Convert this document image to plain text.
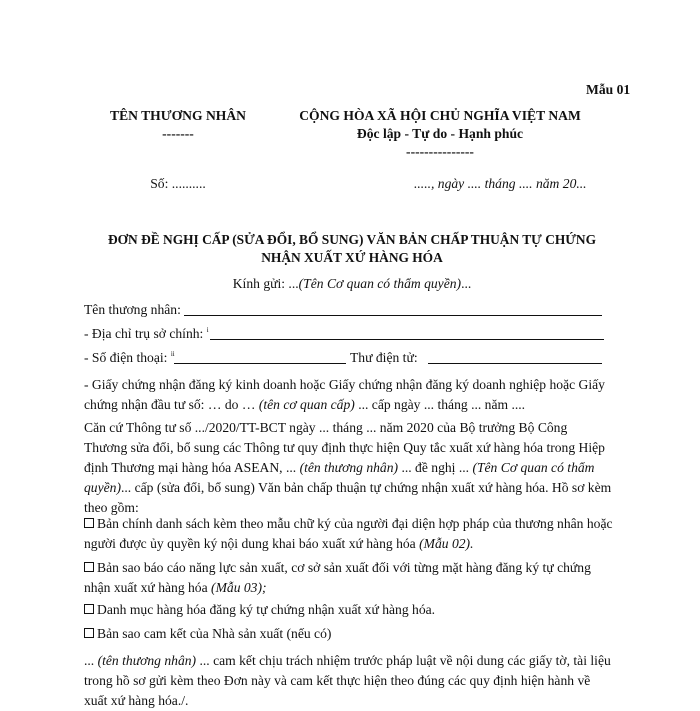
Mẫu 01
TÊN THƯƠNG NHÂN
-------
CỘNG HÒA XÃ HỘI CHỦ NGHĨA VIỆT NAM
Độc lập - Tự do - Hạnh phúc
---------------
Số: ..........	....., ngày .... tháng .... năm 20...
ĐƠN ĐỀ NGHỊ CẤP (SỬA ĐỔI, BỔ SUNG) VĂN BẢN CHẤP THUẬN TỰ CHỨNG
NHẬN XUẤT XỨ HÀNG HÓA
Kính gửi: ...(Tên Cơ quan có thẩm quyền)...
Tên thương nhân:
- Địa chỉ trụ sở chính: $^i$
- Số điện thoại: $^{ii}$	Thư điện tử:
- Giấy chứng nhận đăng ký kinh doanh hoặc Giấy chứng nhận đăng ký doanh nghiệp hoặc Giấy
chứng nhận đầu tư số: … do … (tên cơ quan cấp) ... cấp ngày ... tháng ... năm ....
Căn cứ Thông tư số .../2020/TT-BCT ngày ... tháng ... năm 2020 của Bộ trưởng Bộ Công
Thương sửa đổi, bổ sung các Thông tư quy định thực hiện Quy tắc xuất xứ hàng hóa trong Hiệp
định Thương mại hàng hóa ASEAN, ... (tên thương nhân) ... đề nghị ... (Tên Cơ quan có thẩm
quyền)... cấp (sửa đổi, bổ sung) Văn bản chấp thuận tự chứng nhận xuất xứ hàng hóa. Hồ sơ kèm
theo gồm:
Bản chính danh sách kèm theo mẫu chữ ký của người đại diện hợp pháp của thương nhân hoặc
người được ủy quyền ký nội dung khai báo xuất xứ hàng hóa (Mẫu 02).
Bản sao báo cáo năng lực sản xuất, cơ sở sản xuất đối với từng mặt hàng đăng ký tự chứng
nhận xuất xứ hàng hóa (Mẫu 03);
Danh mục hàng hóa đăng ký tự chứng nhận xuất xứ hàng hóa.
Bản sao cam kết của Nhà sản xuất (nếu có)
... (tên thương nhân) ... cam kết chịu trách nhiệm trước pháp luật về nội dung các giấy tờ, tài liệu
trong hồ sơ gửi kèm theo Đơn này và cam kết thực hiện theo đúng các quy định hiện hành về
xuất xứ hàng hóa./.
